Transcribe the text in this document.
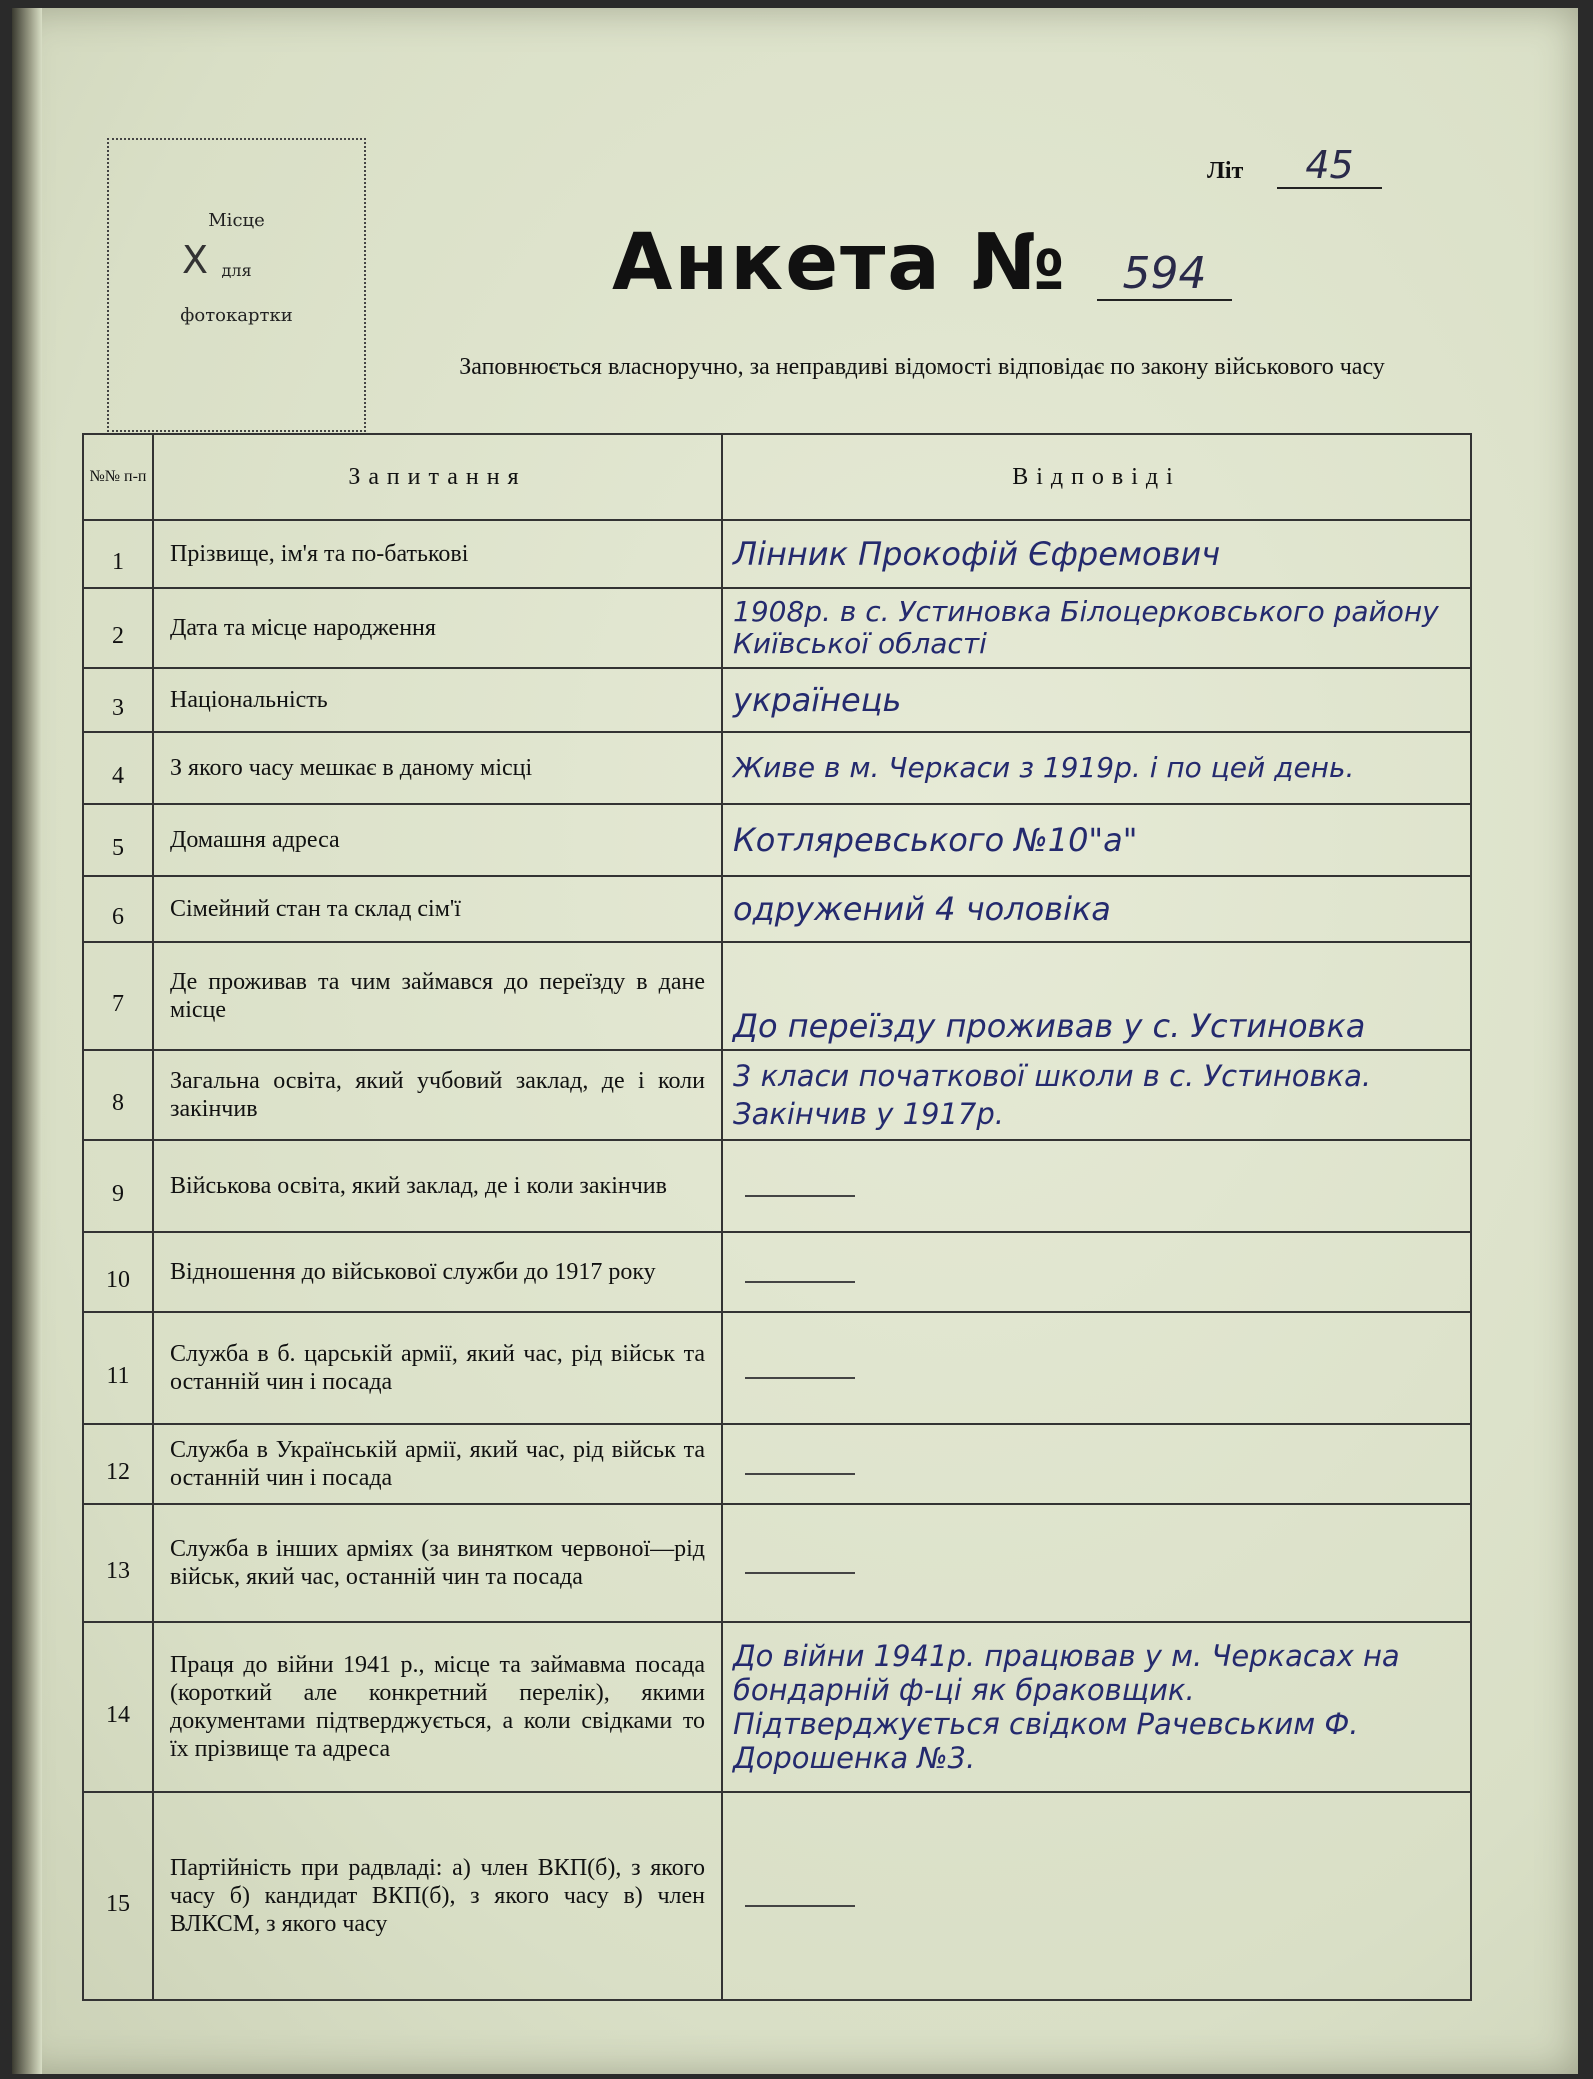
Місце
для
фотокартки
Х
Літ	45
Анкета №	594
Заповнюється власноручно, за неправдиві відомості відповідає по закону військового часу
№№ п-п	Запитання	Відповіді
1	Прізвище, ім'я та по-батькові	Лінник Прокофій Єфремович
2	Дата та місце народження	1908р. в с. Устиновка Білоцерковського району Київської області
3	Національність	українець
4	З якого часу мешкає в даному місці	Живе в м. Черкаси з 1919р. і по цей день.
5	Домашня адреса	Котляревського №10"а"
6	Сімейний стан та склад сім'ї	одружений 4 чоловіка
7	Де проживав та чим займався до переїзду в дане місце	До переїзду проживав у с. Устиновка
8	Загальна освіта, який учбовий заклад, де і коли закінчив	3 класи початкової школи в с. Устиновка. Закінчив у 1917р.
9	Військова освіта, який заклад, де і коли закінчив	
10	Відношення до військової служби до 1917 року	
11	Служба в б. царській армії, який час, рід військ та останній чин і посада	
12	Служба в Українській армії, який час, рід військ та останній чин і посада	
13	Служба в інших арміях (за винятком червоної—рід військ, який час, останній чин та посада	
14	Праця до війни 1941 р., місце та займавма посада (короткий але конкретний перелік), якими документами підтверджується, а коли свідками то їх прізвище та адреса	До війни 1941р. працював у м. Черкасах на бондарній ф-ці як браковщик. Підтверджується свідком Рачевським Ф. Дорошенка №3.
15	Партійність при радвладі: а) член ВКП(б), з якого часу б) кандидат ВКП(б), з якого часу в) член ВЛКСМ, з якого часу	
